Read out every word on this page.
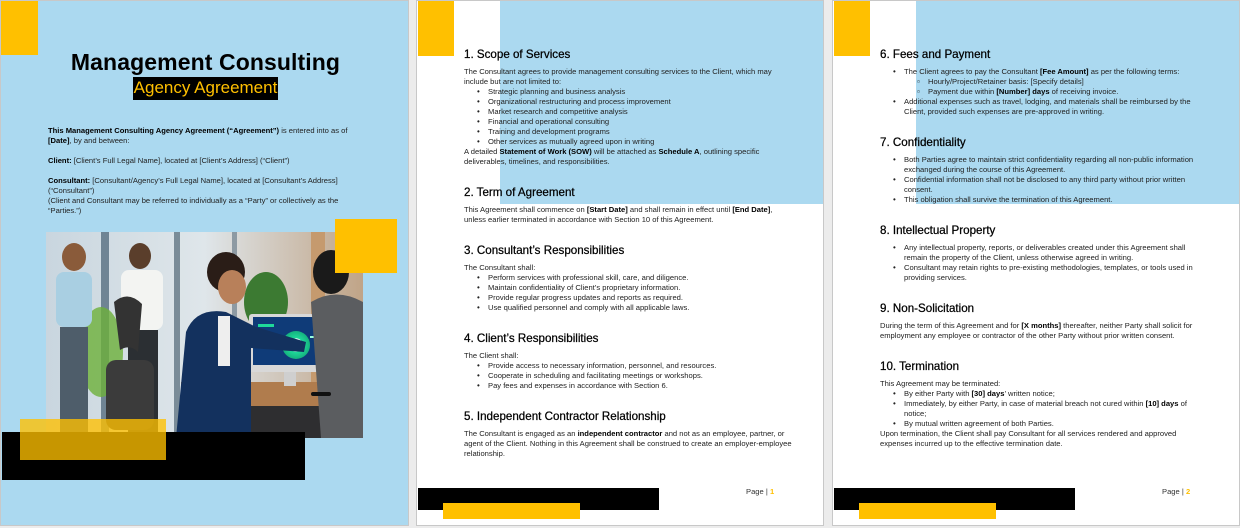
Management Consulting
Agency Agreement

This Management Consulting Agency Agreement (“Agreement”) is entered into as of [Date], by and between:

Client: [Client’s Full Legal Name], located at [Client’s Address] (“Client”)

Consultant: [Consultant/Agency’s Full Legal Name], located at [Consultant’s Address] (“Consultant”)

(Client and Consultant may be referred to individually as a “Party” or collectively as the “Parties.”)

1. Scope of Services

The Consultant agrees to provide management consulting services to the Client, which may include but are not limited to:

• Strategic planning and business analysis
• Organizational restructuring and process improvement
• Market research and competitive analysis
• Financial and operational consulting
• Training and development programs
• Other services as mutually agreed upon in writing

A detailed Statement of Work (SOW) will be attached as Schedule A, outlining specific deliverables, timelines, and responsibilities.

2. Term of Agreement

This Agreement shall commence on [Start Date] and shall remain in effect until [End Date], unless earlier terminated in accordance with Section 10 of this Agreement.

3. Consultant’s Responsibilities

The Consultant shall:

• Perform services with professional skill, care, and diligence.
• Maintain confidentiality of Client’s proprietary information.
• Provide regular progress updates and reports as required.
• Use qualified personnel and comply with all applicable laws.
4. Client’s Responsibilities

The Client shall:

• Provide access to necessary information, personnel, and resources.
• Cooperate in scheduling and facilitating meetings or workshops.
• Pay fees and expenses in accordance with Section 6.
5. Independent Contractor Relationship

The Consultant is engaged as an independent contractor and not as an employee, partner, or agent of the Client. Nothing in this Agreement shall be construed to create an employer-employee relationship.

Page | 1
6. Fees and Payment
• The Client agrees to pay the Consultant [Fee Amount] as per the following terms:
▫ Hourly/Project/Retainer basis: [Specify details]
▫ Payment due within [Number] days of receiving invoice.
• Additional expenses such as travel, lodging, and materials shall be reimbursed by the Client, provided such expenses are pre-approved in writing.
7. Confidentiality
• Both Parties agree to maintain strict confidentiality regarding all non-public information exchanged during the course of this Agreement.
• Confidential information shall not be disclosed to any third party without prior written consent.
• This obligation shall survive the termination of this Agreement.
8. Intellectual Property
• Any intellectual property, reports, or deliverables created under this Agreement shall remain the property of the Client, unless otherwise agreed in writing.
• Consultant may retain rights to pre-existing methodologies, templates, or tools used in providing services.
9. Non-Solicitation

During the term of this Agreement and for [X months] thereafter, neither Party shall solicit for employment any employee or contractor of the other Party without prior written consent.

10. Termination

This Agreement may be terminated:

• By either Party with [30] days’ written notice;
• Immediately, by either Party, in case of material breach not cured within [10] days of notice;
• By mutual written agreement of both Parties.

Upon termination, the Client shall pay Consultant for all services rendered and approved expenses incurred up to the effective termination date.

Page | 2
